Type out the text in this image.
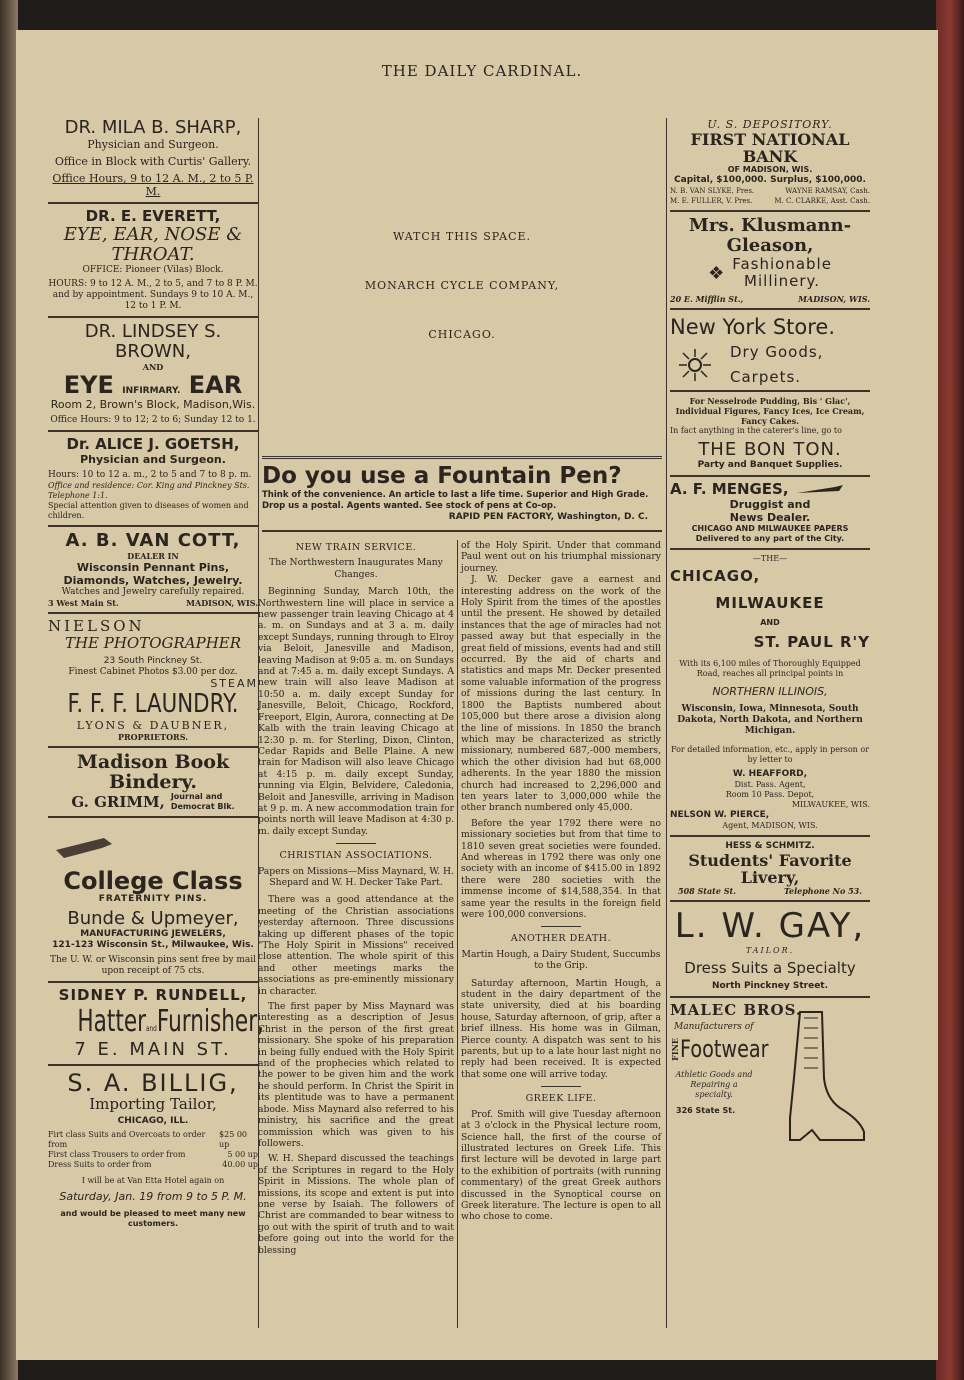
THE DAILY CARDINAL.
DR. MILA B. SHARP,
Physician and Surgeon.
Office in Block with Curtis' Gallery.
Office Hours, 9 to 12 A. M., 2 to 5 P. M.
DR. E. EVERETT,
EYE, EAR, NOSE & THROAT.
OFFICE: Pioneer (Vilas) Block.
HOURS: 9 to 12 A. M., 2 to 5, and 7 to 8 P. M. and by appointment. Sundays 9 to 10 A. M., 12 to 1 P. M.
DR. LINDSEY S. BROWN,
AND
EYE INFIRMARY. EAR
Room 2, Brown's Block, Madison,Wis.
Office Hours: 9 to 12; 2 to 6; Sunday 12 to 1.
Dr. ALICE J. GOETSH,
Physician and Surgeon.
Hours: 10 to 12 a. m., 2 to 5 and 7 to 8 p. m.
Office and residence: Cor. King and Pinckney Sts. Telephone 1:1.
Special attention given to diseases of women and children.
A. B. VAN COTT,
DEALER IN
Wisconsin Pennant Pins,
Diamonds, Watches, Jewelry.
Watches and Jewelry carefully repaired.
3 West Main St.	MADISON, WIS.
NIELSON
THE PHOTOGRAPHER
23 South Pinckney St.
Finest Cabinet Photos $3.00 per doz.
STEAM
F. F. F. LAUNDRY.
LYONS & DAUBNER,
PROPRIETORS.
Madison Book Bindery.
G. GRIMM, Journal and
Democrat Blk.
College Class
FRATERNITY PINS.
Bunde & Upmeyer,
MANUFACTURING JEWELERS,
121-123 Wisconsin St., Milwaukee, Wis.
The U. W. or Wisconsin pins sent free by mail upon receipt of 75 cts.
SIDNEY P. RUNDELL,
HatterandFurnisher,
7 E. MAIN ST.
S. A. BILLIG,
Importing Tailor,
CHICAGO, ILL.
Firt class Suits and Overcoats to order from
$25 00 up
First class Trousers to order from	5 00 up
Dress Suits to order from	40.00 up
I will be at Van Etta Hotel again on
Saturday, Jan. 19 from 9 to 5 P. M.
and would be pleased to meet many new customers.
WATCH THIS SPACE.
MONARCH CYCLE COMPANY,
CHICAGO.
Do you use a Fountain Pen?
Think of the convenience. An article to last a life time. Superior and High Grade. Drop us a postal. Agents wanted. See stock of pens at Co-op.
RAPID PEN FACTORY, Washington, D. C.
NEW TRAIN SERVICE.
The Northwestern Inaugurates Many Changes.

Beginning Sunday, March 10th, the Northwestern line will place in service a new passenger train leaving Chicago at 4 a. m. on Sundays and at 3 a. m. daily except Sundays, running through to Elroy via Beloit, Janesville and Madison, leaving Madison at 9:05 a. m. on Sundays and at 7:45 a. m. daily except Sundays. A new train will also leave Madison at 10:50 a. m. daily except Sunday for Janesville, Beloit, Chicago, Rockford, Freeport, Elgin, Aurora, connecting at De Kalb with the train leaving Chicago at 12:30 p. m. for Sterling, Dixon, Clinton, Cedar Rapids and Belle Plaine. A new train for Madison will also leave Chicago at 4:15 p. m. daily except Sunday, running via Elgin, Belvidere, Caledonia, Beloit and Janesville, arriving in Madison at 9 p. m. A new accommodation train for points north will leave Madison at 4:30 p. m. daily except Sunday.

CHRISTIAN ASSOCIATIONS.
Papers on Missions—Miss Maynard, W. H. Shepard and W. H. Decker Take Part.

There was a good attendance at the meeting of the Christian associations yesterday afternoon. Three discussions taking up different phases of the topic "The Holy Spirit in Missions" received close attention. The whole spirit of this and other meetings marks the associations as pre-eminently missionary in character.

The first paper by Miss Maynard was interesting as a description of Jesus Christ in the person of the first great missionary. She spoke of his preparation in being fully endued with the Holy Spirit and of the prophecies which related to the power to be given him and the work he should perform. In Christ the Spirit in its plentitude was to have a permanent abode. Miss Maynard also referred to his ministry, his sacrifice and the great commission which was given to his followers.

W. H. Shepard discussed the teachings of the Scriptures in regard to the Holy Spirit in Missions. The whole plan of missions, its scope and extent is put into one verse by Isaiah. The followers of Christ are commanded to bear witness to go out with the spirit of truth and to wait before going out into the world for the blessing

of the Holy Spirit. Under that command Paul went out on his triumphal missionary journey.

J. W. Decker gave a earnest and interesting address on the work of the Holy Spirit from the times of the apostles until the present. He showed by detailed instances that the age of miracles had not passed away but that especially in the great field of missions, events had and still occurred. By the aid of charts and statistics and maps Mr. Decker presented some valuable information of the progress of missions during the last century. In 1800 the Baptists numbered about 105,000 but there arose a division along the line of missions. In 1850 the branch which may be characterized as strictly missionary, numbered 687,-000 members, which the other division had but 68,000 adherents. In the year 1880 the mission church had increased to 2,296,000 and ten years later to 3,000,000 while the other branch numbered only 45,000.

Before the year 1792 there were no missionary societies but from that time to 1810 seven great societies were founded. And whereas in 1792 there was only one society with an income of $415.00 in 1892 there were 280 societies with the immense income of $14,588,354. In that same year the results in the foreign field were 100,000 conversions.

ANOTHER DEATH.
Martin Hough, a Dairy Student, Succumbs to the Grip.

Saturday afternoon, Martin Hough, a student in the dairy department of the state university, died at his boarding house, Saturday afternoon, of grip, after a brief illness. His home was in Gilman, Pierce county. A dispatch was sent to his parents, but up to a late hour last night no reply had been received. It is expected that some one will arrive today.

GREEK LIFE.

Prof. Smith will give Tuesday afternoon at 3 o'clock in the Physical lecture room, Science hall, the first of the course of illustrated lectures on Greek Life. This first lecture will be devoted in large part to the exhibition of portraits (with running commentary) of the great Greek authors discussed in the Synoptical course on Greek literature. The lecture is open to all who chose to come.

U. S. DEPOSITORY.
FIRST NATIONAL BANK
OF MADISON, WIS.
Capital, $100,000. Surplus, $100,000.
N. B. VAN SLYKE, Pres.	WAYNE RAMSAY, Cash.
M. E. FULLER, V. Pres.	M. C. CLARKE, Asst. Cash.
Mrs. Klusmann-Gleason,
❖ Fashionable
Millinery.
20 E. Mifflin St.,	MADISON, WIS.
New York Store.
Dry Goods,
Carpets.
For Nesselrode Pudding, Bis ' Glac', Individual Figures, Fancy Ices, Ice Cream, Fancy Cakes.
In fact anything in the caterer's line, go to
THE BON TON.
Party and Banquet Supplies.
A. F. MENGES,
Druggist and
News Dealer.
CHICAGO AND MILWAUKEE PAPERS
Delivered to any part of the City.
—THE—
CHICAGO,
MILWAUKEE
AND
ST. PAUL R'Y
With its 6,100 miles of Thoroughly Equipped Road, reaches all principal points in
NORTHERN ILLINOIS,
Wisconsin, Iowa, Minnesota, South Dakota, North Dakota, and Northern Michigan.
For detailed information, etc., apply in person or by letter to
W. HEAFFORD,
Dist. Pass. Agent,
Room 10 Pass. Depot,
MILWAUKEE, WIS.
NELSON W. PIERCE,
Agent, MADISON, WIS.
HESS & SCHMITZ.
Students' Favorite Livery,
508 State St.	Telephone No 53.
L. W. GAY,
TAILOR.
Dress Suits a Specialty
North Pinckney Street.
MALEC BROS.
Manufacturers of
FINE Footwear
Athletic Goods and Repairing a specialty.
326 State St.
